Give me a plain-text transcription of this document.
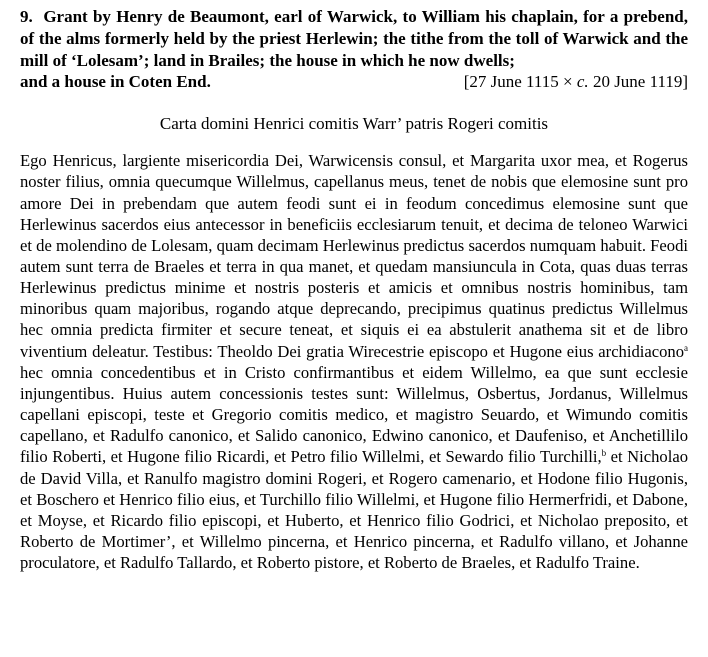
9. Grant by Henry de Beaumont, earl of Warwick, to William his chaplain, for a prebend, of the alms formerly held by the priest Herlewin; the tithe from the toll of Warwick and the mill of ‘Lolesam’; land in Brailes; the house in which he now dwells;

and a house in Coten End.	[27 June 1115 × c. 20 June 1119]
Carta domini Henrici comitis Warr’ patris Rogeri comitis

Ego Henricus, largiente misericordia Dei, Warwicensis consul, et Margarita uxor mea, et Rogerus noster filius, omnia quecumque Willelmus, capellanus meus, tenet de nobis que elemosine sunt pro amore Dei in prebendam que autem feodi sunt ei in feodum concedimus elemosine sunt que Herlewinus sacerdos eius antecessor in beneficiis ecclesiarum tenuit, et decima de teloneo Warwici et de molendino de Lolesam, quam decimam Herlewinus predictus sacerdos numquam habuit. Feodi autem sunt terra de Braeles et terra in qua manet, et quedam mansiuncula in Cota, quas duas terras Herlewinus predictus minime et nostris posteris et amicis et omnibus nostris hominibus, tam minoribus quam majoribus, rogando atque deprecando, precipimus quatinus predictus Willelmus hec omnia predicta firmiter et secure teneat, et siquis ei ea abstulerit anathema sit et de libro viventium deleatur. Testibus: Theoldo Dei gratia Wirecestrie episcopo et Hugone eius archidiacono$^a$ hec omnia concedentibus et in Cristo confirmantibus et eidem Willelmo, ea que sunt ecclesie injungentibus. Huius autem concessionis testes sunt: Willelmus, Osbertus, Jordanus, Willelmus capellani episcopi, teste et Gregorio comitis medico, et magistro Seuardo, et Wimundo comitis capellano, et Radulfo canonico, et Salido canonico, Edwino canonico, et Daufeniso, et Anchetillilo filio Roberti, et Hugone filio Ricardi, et Petro filio Willelmi, et Sewardo filio Turchilli,$^b$ et Nicholao de David Villa, et Ranulfo magistro domini Rogeri, et Rogero camenario, et Hodone filio Hugonis, et Boschero et Henrico filio eius, et Turchillo filio Willelmi, et Hugone filio Hermerfridi, et Dabone, et Moyse, et Ricardo filio episcopi, et Huberto, et Henrico filio Godrici, et Nicholao preposito, et Roberto de Mortimer’, et Willelmo pincerna, et Henrico pincerna, et Radulfo villano, et Johanne proculatore, et Radulfo Tallardo, et Roberto pistore, et Roberto de Braeles, et Radulfo Traine.
